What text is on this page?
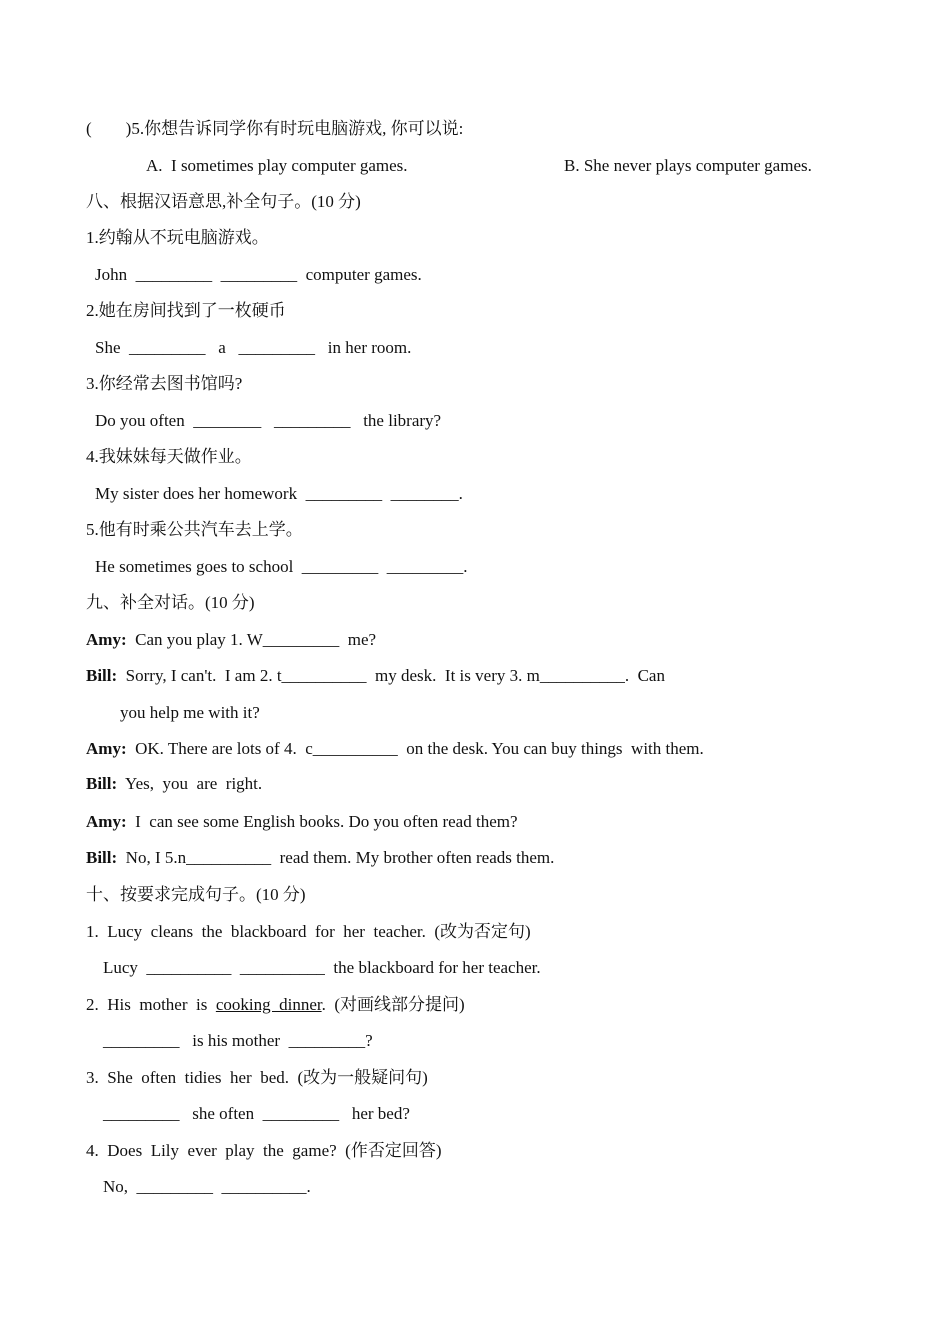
(        )5.你想告诉同学你有时玩电脑游戏, 你可以说:
A.  I sometimes play computer games.	B. She never plays computer games.
八、根据汉语意思,补全句子。(10 分)
1.约翰从不玩电脑游戏。
John  _________  _________  computer games.
2.她在房间找到了一枚硬币
She  _________   a   _________   in her room.
3.你经常去图书馆吗?
Do you often  ________   _________   the library?
4.我妹妹每天做作业。
My sister does her homework  _________  ________.
5.他有时乘公共汽车去上学。
He sometimes goes to school  _________  _________.
九、补全对话。(10 分)
Amy:  Can you play 1. W_________  me?
Bill:  Sorry, I can't.  I am 2. t__________  my desk.  It is very 3. m__________.  Can
you help me with it?
Amy:  OK. There are lots of 4.  c__________  on the desk. You can buy things  with them.
Bill:  Yes,  you  are  right.
Amy:  I  can see some English books. Do you often read them?
Bill:  No, I 5.n__________  read them. My brother often reads them.
十、按要求完成句子。(10 分)
1.  Lucy  cleans  the  blackboard  for  her  teacher.  (改为否定句)
Lucy  __________  __________  the blackboard for her teacher.
2.  His  mother  is  cooking  dinner.  (对画线部分提问)
_________   is his mother  _________?
3.  She  often  tidies  her  bed.  (改为一般疑问句)
_________   she often  _________   her bed?
4.  Does  Lily  ever  play  the  game?  (作否定回答)
No,  _________  __________.
